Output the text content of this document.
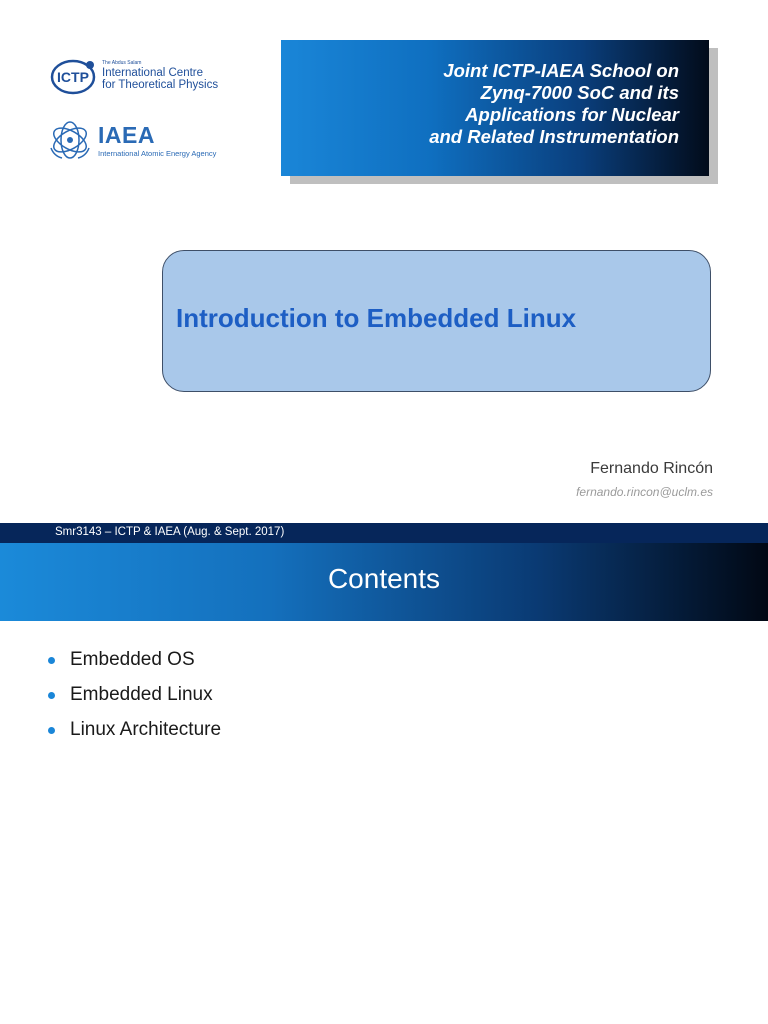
ICTP
The Abdus Salam
International Centre
for Theoretical Physics
IAEA
International Atomic Energy Agency
Joint ICTP-IAEA School on
Zynq-7000 SoC and its
Applications for Nuclear
and Related Instrumentation
Introduction to Embedded Linux
Fernando Rincón
fernando.rincon@uclm.es
Smr3143 – ICTP & IAEA (Aug. & Sept. 2017)
Contents
Embedded OS
Embedded Linux
Linux Architecture
